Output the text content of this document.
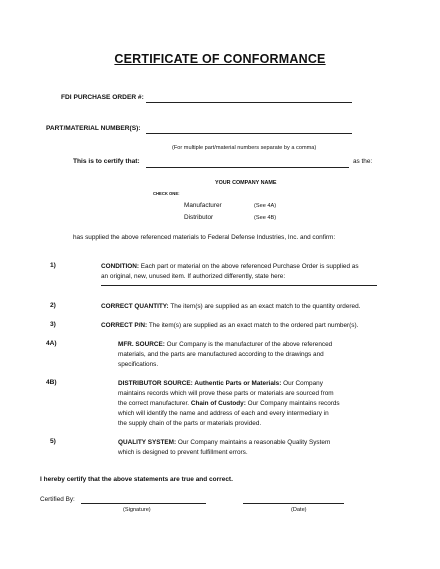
CERTIFICATE OF CONFORMANCE
FDI PURCHASE ORDER #:
PART/MATERIAL NUMBER(S):
(For multiple part/material numbers separate by a comma)
This is to certify that:	as the:
YOUR COMPANY NAME
CHECK ONE:
Manufacturer	(See 4A)
Distributor	(See 4B)
has supplied the above referenced materials to Federal Defense Industries, Inc. and confirm:
1)	CONDITION: Each part or material on the above referenced Purchase Order is supplied as
an original, new, unused item. If authorized differently, state here:
2)	CORRECT QUANTITY: The item(s) are supplied as an exact match to the quantity ordered.
3)	CORRECT P/N: The item(s) are supplied as an exact match to the ordered part number(s).
4A)	MFR. SOURCE: Our Company is the manufacturer of the above referenced
materials, and the parts are manufactured according to the drawings and
specifications.
4B)	DISTRIBUTOR SOURCE: Authentic Parts or Materials: Our Company
maintains records which will prove these parts or materials are sourced from
the correct manufacturer. Chain of Custody: Our Company maintains records
which will identify the name and address of each and every intermediary in
the supply chain of the parts or materials provided.
5)	QUALITY SYSTEM: Our Company maintains a reasonable Quality System
which is designed to prevent fulfillment errors.
I hereby certify that the above statements are true and correct.
Certified By:
(Signature)	(Date)
